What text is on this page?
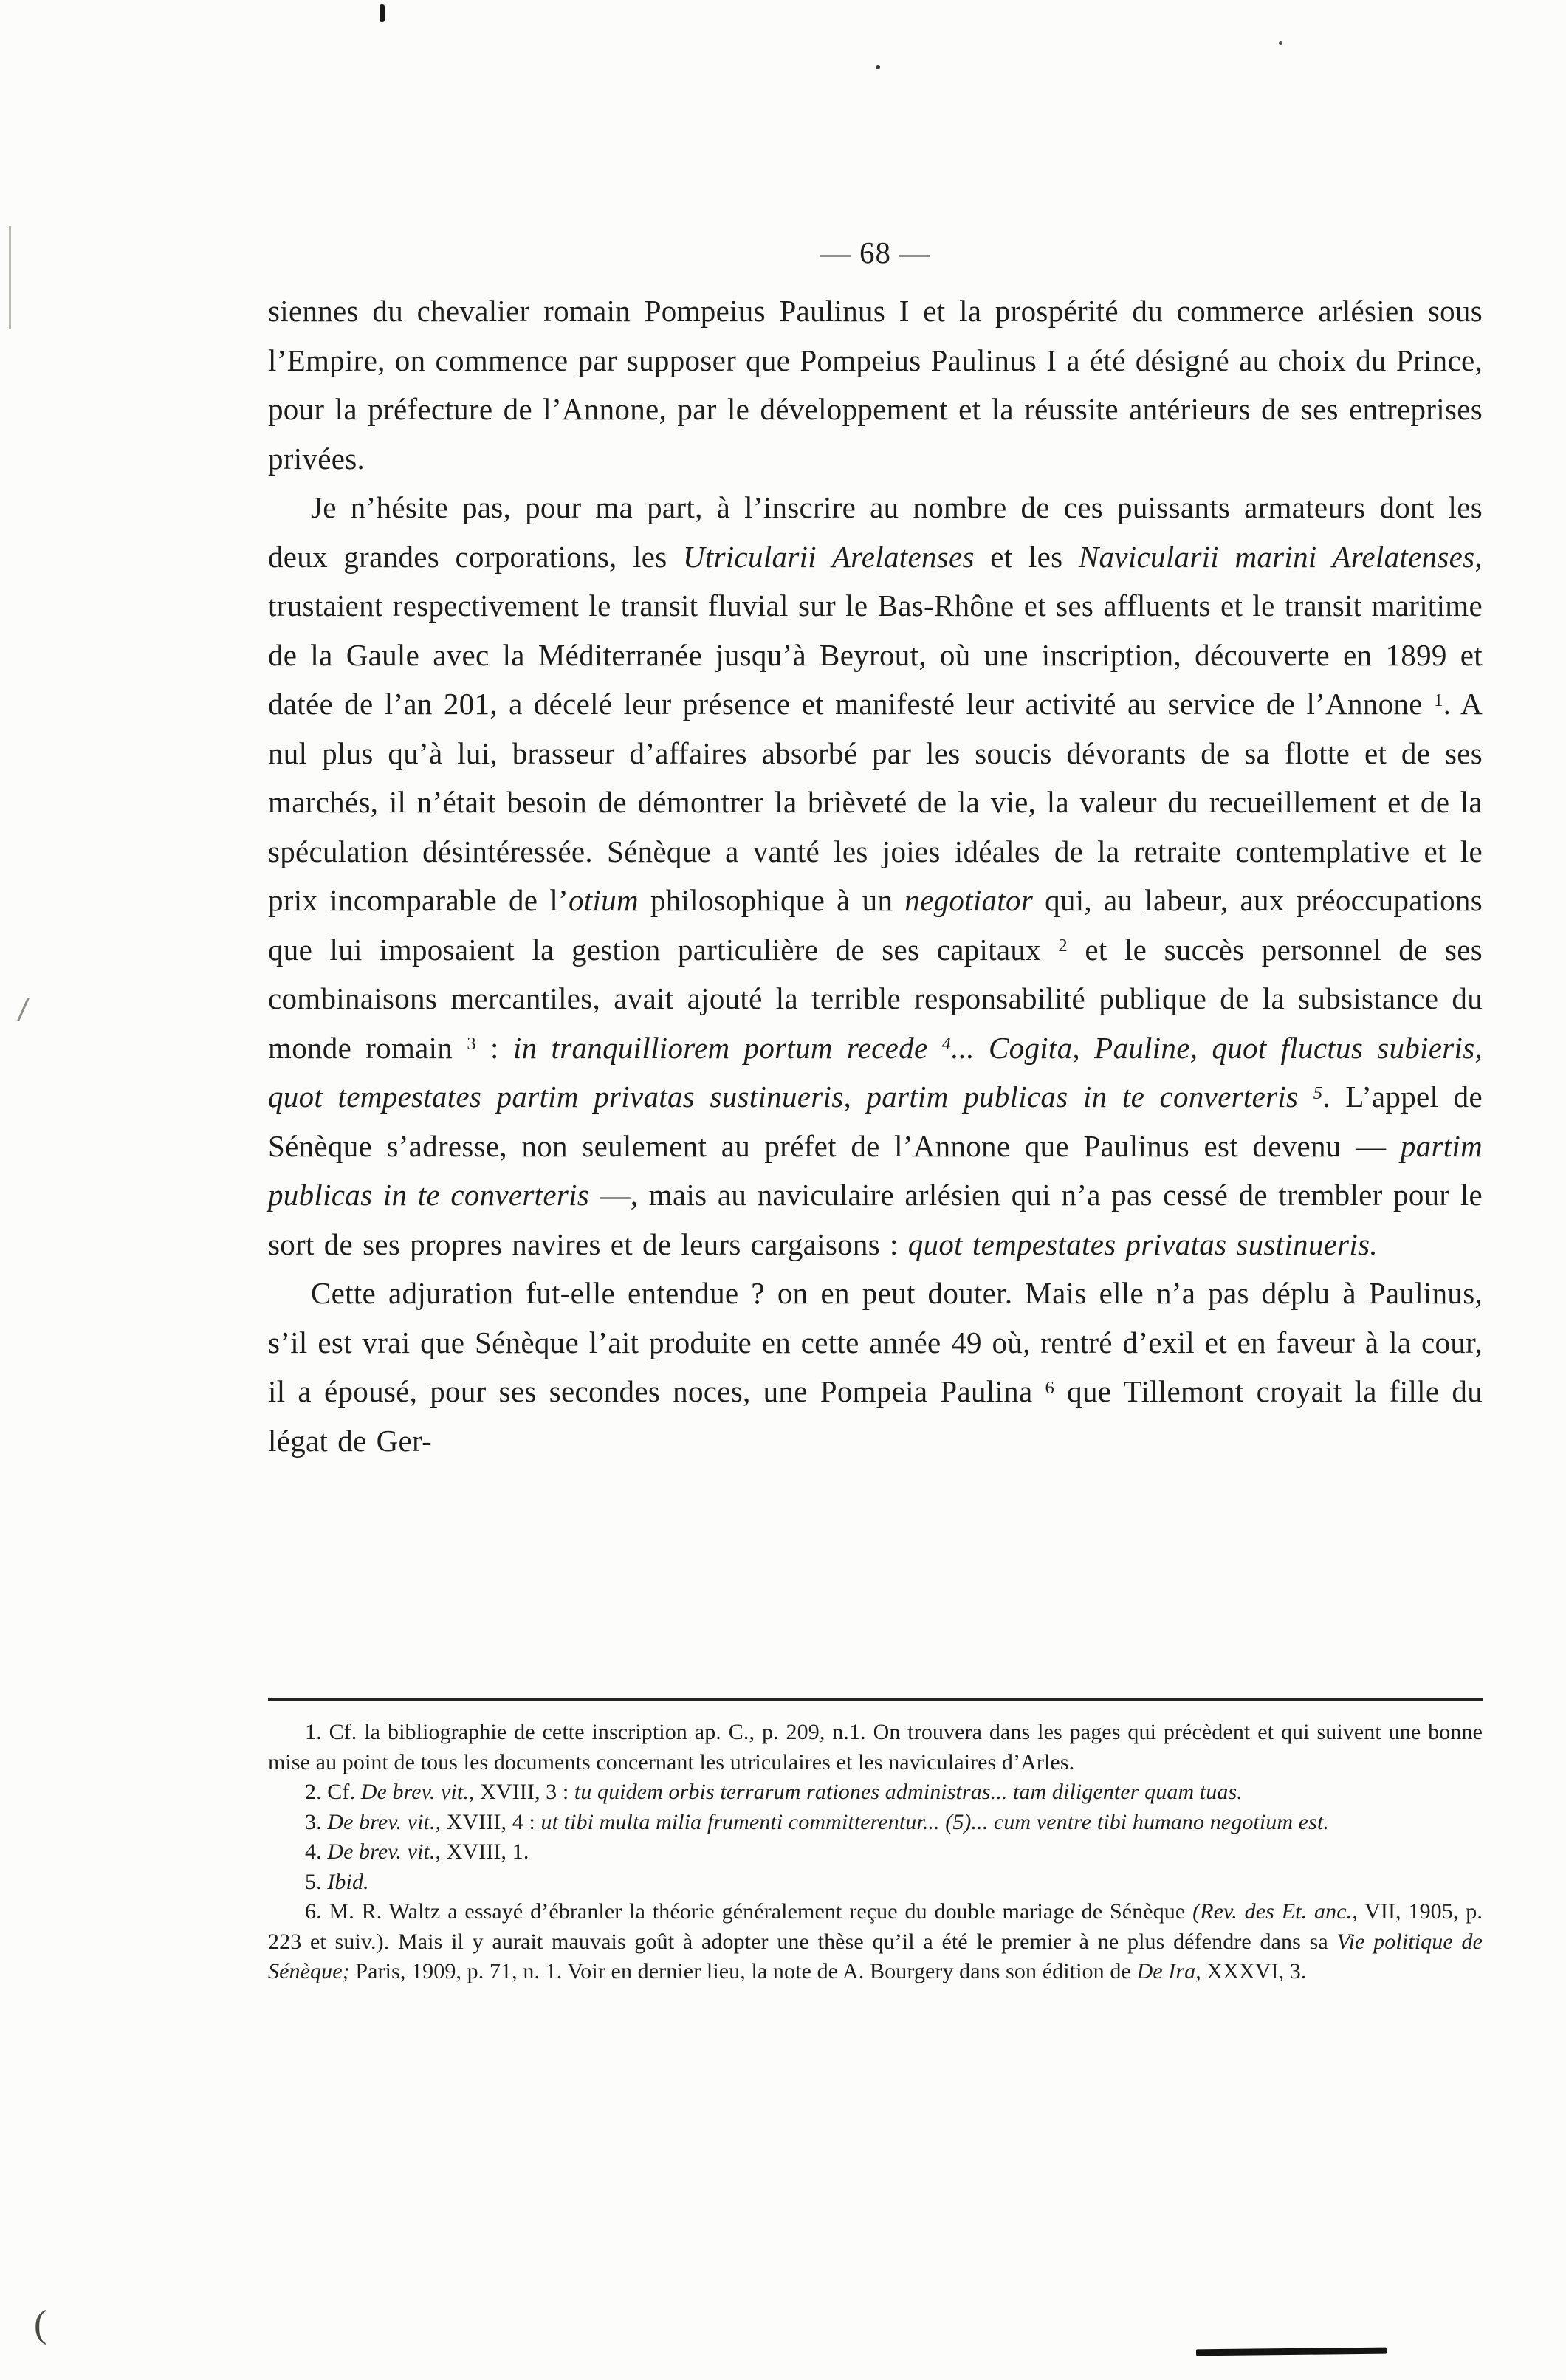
— 68 —

siennes du chevalier romain Pompeius Paulinus I et la prospérité du commerce arlésien sous l’Empire, on commence par supposer que Pompeius Paulinus I a été désigné au choix du Prince, pour la préfecture de l’Annone, par le développement et la réussite antérieurs de ses entreprises privées.

Je n’hésite pas, pour ma part, à l’inscrire au nombre de ces puissants armateurs dont les deux grandes corporations, les Utricularii Arelatenses et les Navicularii marini Arelatenses, trustaient respectivement le transit fluvial sur le Bas-Rhône et ses affluents et le transit maritime de la Gaule avec la Méditerranée jusqu’à Beyrout, où une inscription, découverte en 1899 et datée de l’an 201, a décelé leur présence et manifesté leur activité au service de l’Annone $^1$. A nul plus qu’à lui, brasseur d’affaires absorbé par les soucis dévorants de sa flotte et de ses marchés, il n’était besoin de démontrer la brièveté de la vie, la valeur du recueillement et de la spéculation désintéressée. Sénèque a vanté les joies idéales de la retraite contemplative et le prix incomparable de l’otium philosophique à un negotiator qui, au labeur, aux préoccupations que lui imposaient la gestion particulière de ses capitaux $^2$ et le succès personnel de ses combinaisons mercantiles, avait ajouté la terrible responsabilité publique de la subsistance du monde romain $^3$ : in tranquilliorem portum recede $^4$... Cogita, Pauline, quot fluctus subieris, quot tempestates partim privatas sustinueris, partim publicas in te converteris $^5$. L’appel de Sénèque s’adresse, non seulement au préfet de l’Annone que Paulinus est devenu — partim publicas in te converteris —, mais au naviculaire arlésien qui n’a pas cessé de trembler pour le sort de ses propres navires et de leurs cargaisons : quot tempestates privatas sustinueris.

Cette adjuration fut-elle entendue ? on en peut douter. Mais elle n’a pas déplu à Paulinus, s’il est vrai que Sénèque l’ait produite en cette année 49 où, rentré d’exil et en faveur à la cour, il a épousé, pour ses secondes noces, une Pompeia Paulina $^6$ que Tillemont croyait la fille du légat de Ger-

1. Cf. la bibliographie de cette inscription ap. C., p. 209, n.1. On trouvera dans les pages qui précèdent et qui suivent une bonne mise au point de tous les documents concernant les utriculaires et les naviculaires d’Arles.

2. Cf. De brev. vit., XVIII, 3 : tu quidem orbis terrarum rationes administras... tam diligenter quam tuas.

3. De brev. vit., XVIII, 4 : ut tibi multa milia frumenti committerentur... (5)... cum ventre tibi humano negotium est.

4. De brev. vit., XVIII, 1.

5. Ibid.

6. M. R. Waltz a essayé d’ébranler la théorie généralement reçue du double mariage de Sénèque (Rev. des Et. anc., VII, 1905, p. 223 et suiv.). Mais il y aurait mauvais goût à adopter une thèse qu’il a été le premier à ne plus défendre dans sa Vie politique de Sénèque; Paris, 1909, p. 71, n. 1. Voir en dernier lieu, la note de A. Bourgery dans son édition de De Ira, XXXVI, 3.

(
